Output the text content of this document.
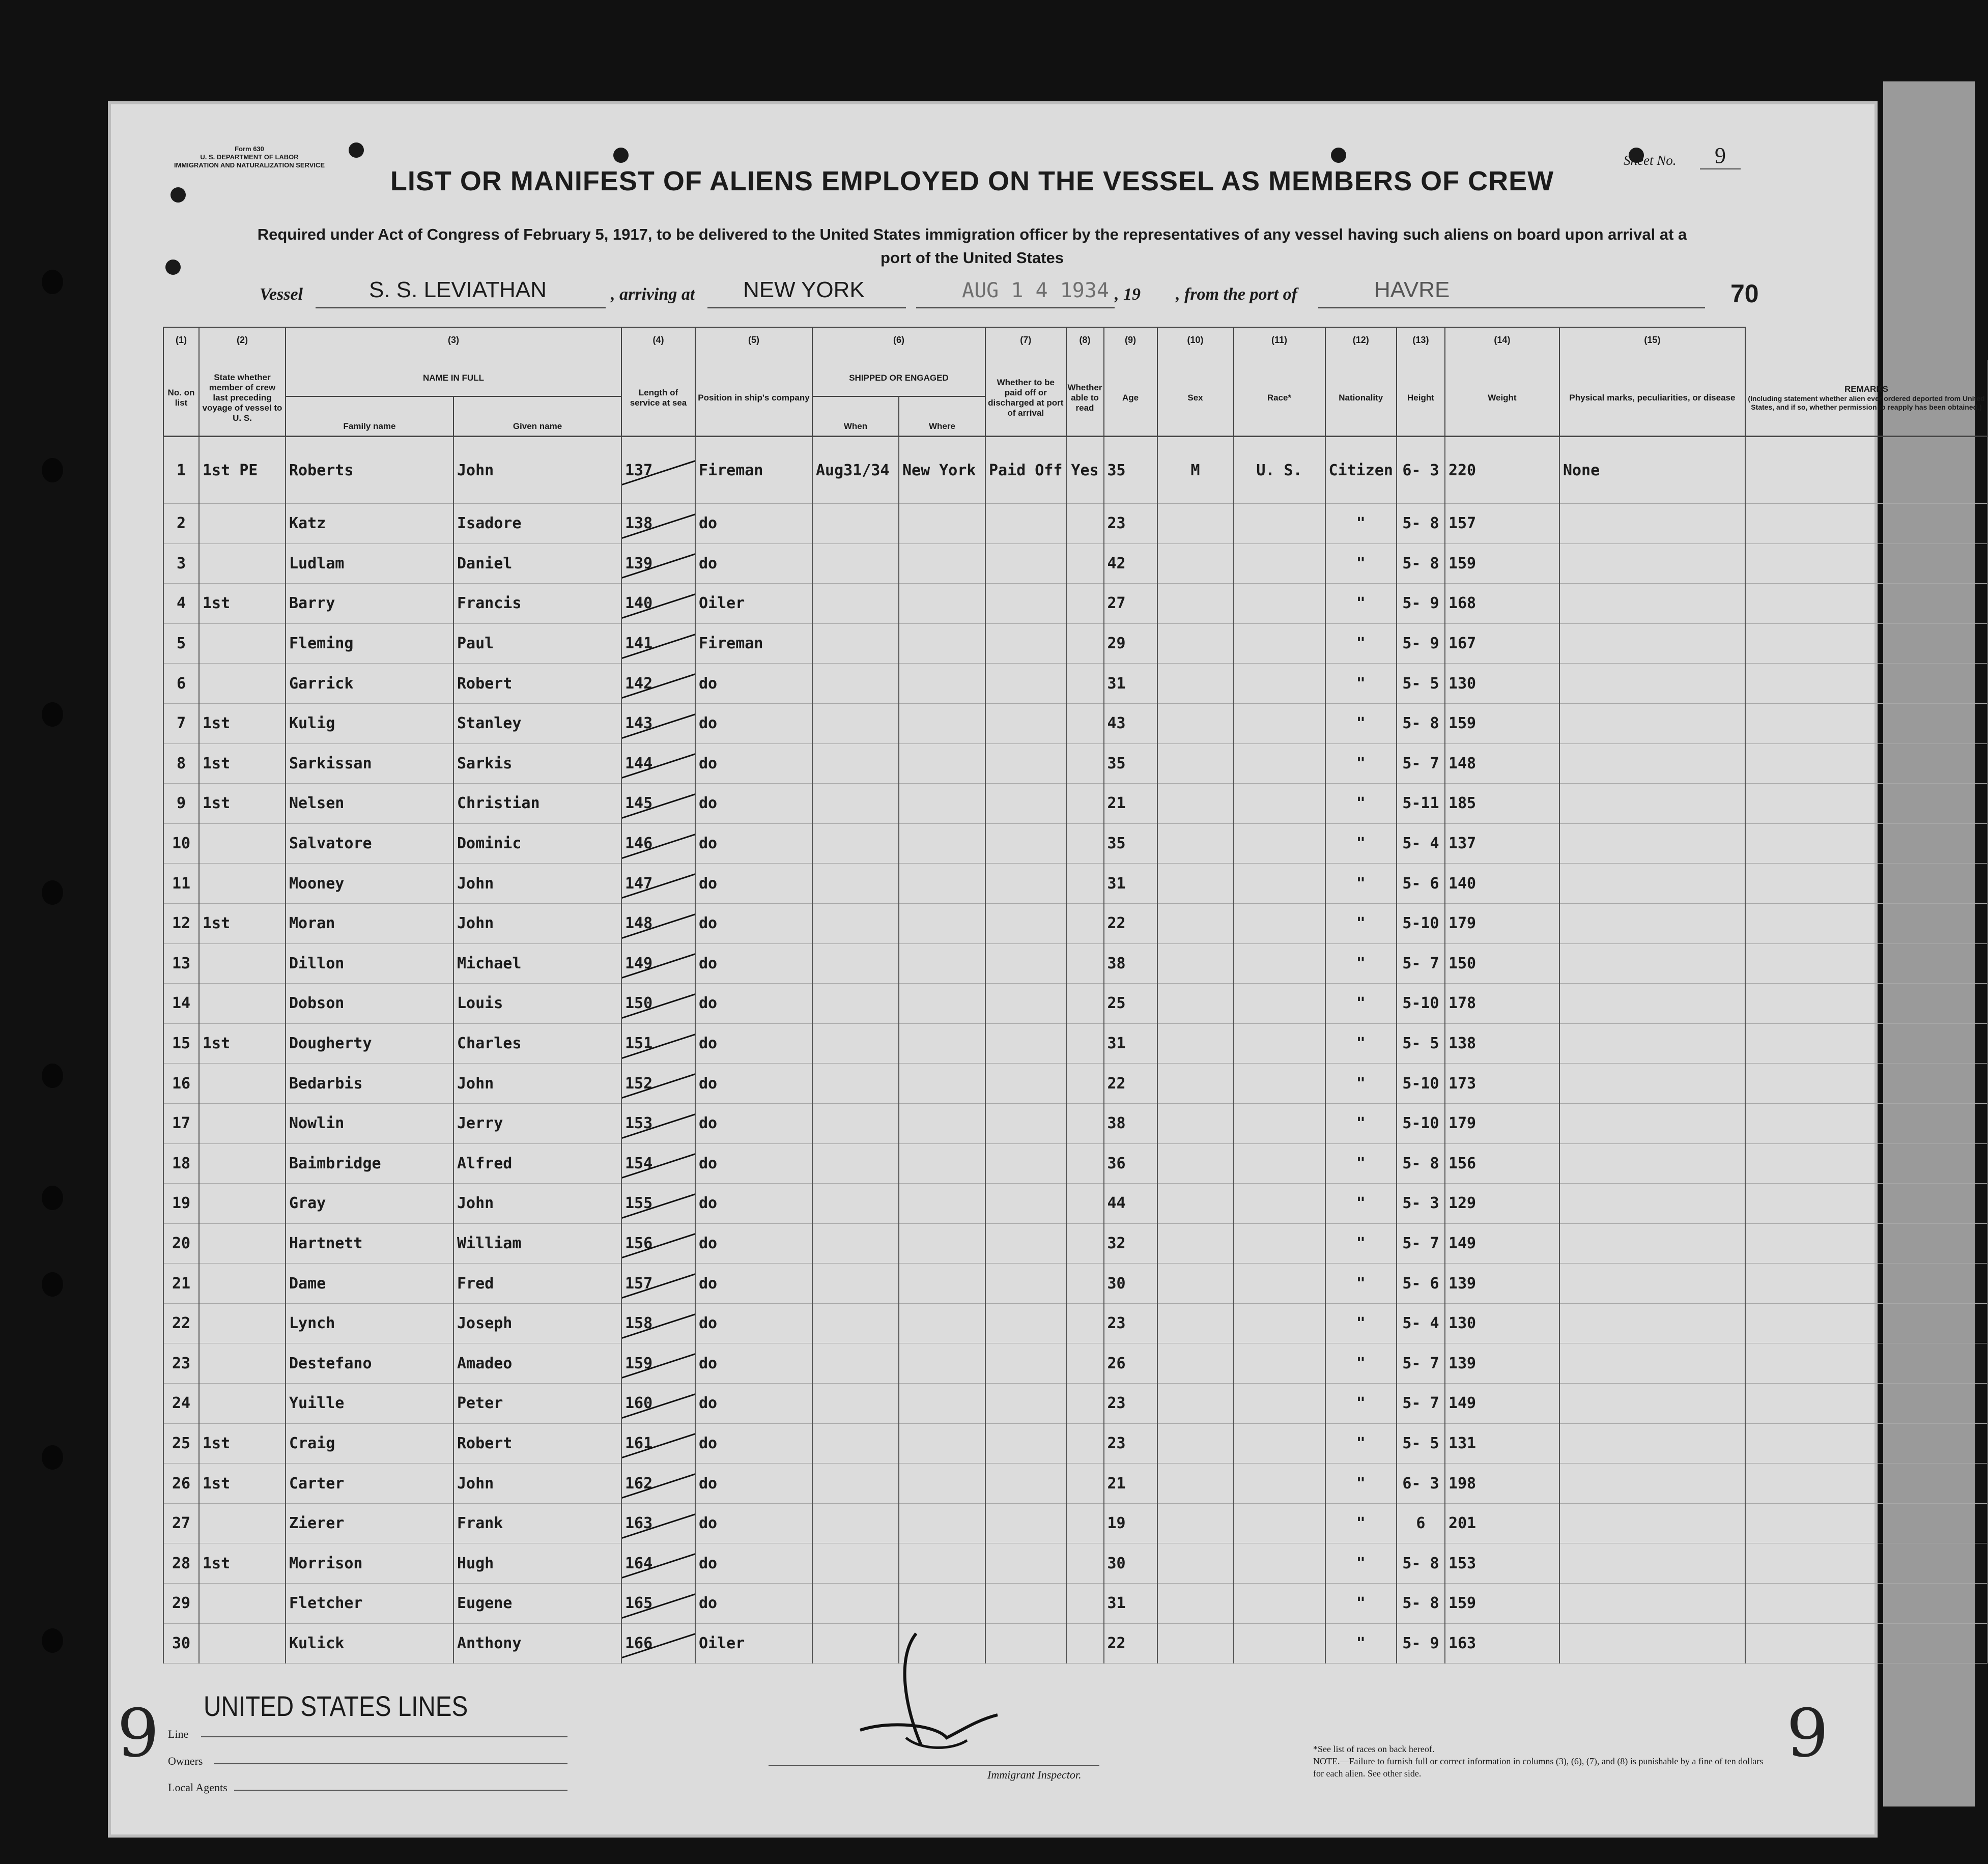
Form 630
U. S. DEPARTMENT OF LABOR
IMMIGRATION AND NATURALIZATION SERVICE
LIST OR MANIFEST OF ALIENS EMPLOYED ON THE VESSEL AS MEMBERS OF CREW
Required under Act of Congress of February 5, 1917, to be delivered to the United States immigration officer by the representatives of any vessel having such aliens on board upon arrival at a
port of the United States
Sheet No.	9
Vessel	S. S. LEVIATHAN	, arriving at NEW YORK	AUG 1 4 1934 , 19 , from the port of	HAVRE	70
(1)	(2)	(3)		(4)	(5)	(6)		(7)	(8)	(9)	(10)	(11)	(12)	(13)	(14)	(15)	
No. on list	State whether member of crew last preceding voyage of vessel to U. S.	NAME IN FULL		Length of service at sea	Position in ship's company	SHIPPED OR ENGAGED		Whether to be paid off or discharged at port of arrival	Whether able to read	Age	Sex	Race*	Nationality	Height	Weight	Physical marks, peculiarities, or disease	REMARKS
(Including statement whether alien ever ordered deported from United States, and if so, whether permission to reapply has been obtained.)

		Family name	Given name			When	Where										
1	1st PE	Roberts	John	137	Fireman	Aug31/34	New York	Paid Off	Yes	35	M	U. S.	Citizen	6- 3	220	None	
2		Katz	Isadore	138	do					23			"	5- 8	157		
3		Ludlam	Daniel	139	do					42			"	5- 8	159		
4	1st	Barry	Francis	140	Oiler					27			"	5- 9	168		
5		Fleming	Paul	141	Fireman					29			"	5- 9	167		
6		Garrick	Robert	142	do					31			"	5- 5	130		
7	1st	Kulig	Stanley	143	do					43			"	5- 8	159		
8	1st	Sarkissan	Sarkis	144	do					35			"	5- 7	148		
9	1st	Nelsen	Christian	145	do					21			"	5-11	185		
10		Salvatore	Dominic	146	do					35			"	5- 4	137		
11		Mooney	John	147	do					31			"	5- 6	140		
12	1st	Moran	John	148	do					22			"	5-10	179		
13		Dillon	Michael	149	do					38			"	5- 7	150		
14		Dobson	Louis	150	do					25			"	5-10	178		
15	1st	Dougherty	Charles	151	do					31			"	5- 5	138		
16		Bedarbis	John	152	do					22			"	5-10	173		
17		Nowlin	Jerry	153	do					38			"	5-10	179		
18		Baimbridge	Alfred	154	do					36			"	5- 8	156		
19		Gray	John	155	do					44			"	5- 3	129		
20		Hartnett	William	156	do					32			"	5- 7	149		
21		Dame	Fred	157	do					30			"	5- 6	139		
22		Lynch	Joseph	158	do					23			"	5- 4	130		
23		Destefano	Amadeo	159	do					26			"	5- 7	139		
24		Yuille	Peter	160	do					23			"	5- 7	149		
25	1st	Craig	Robert	161	do					23			"	5- 5	131		
26	1st	Carter	John	162	do					21			"	6- 3	198		
27		Zierer	Frank	163	do					19			"	6	201		
28	1st	Morrison	Hugh	164	do					30			"	5- 8	153		
29		Fletcher	Eugene	165	do					31			"	5- 8	159		
30		Kulick	Anthony	166	Oiler					22			"	5- 9	163		
UNITED STATES LINES
Line
Owners
Local Agents
9	9
Immigrant Inspector.
*See list of races on back hereof.
NOTE.—Failure to furnish full or correct information in columns (3), (6), (7), and (8) is punishable by a fine of ten dollars for each alien. See other side.
